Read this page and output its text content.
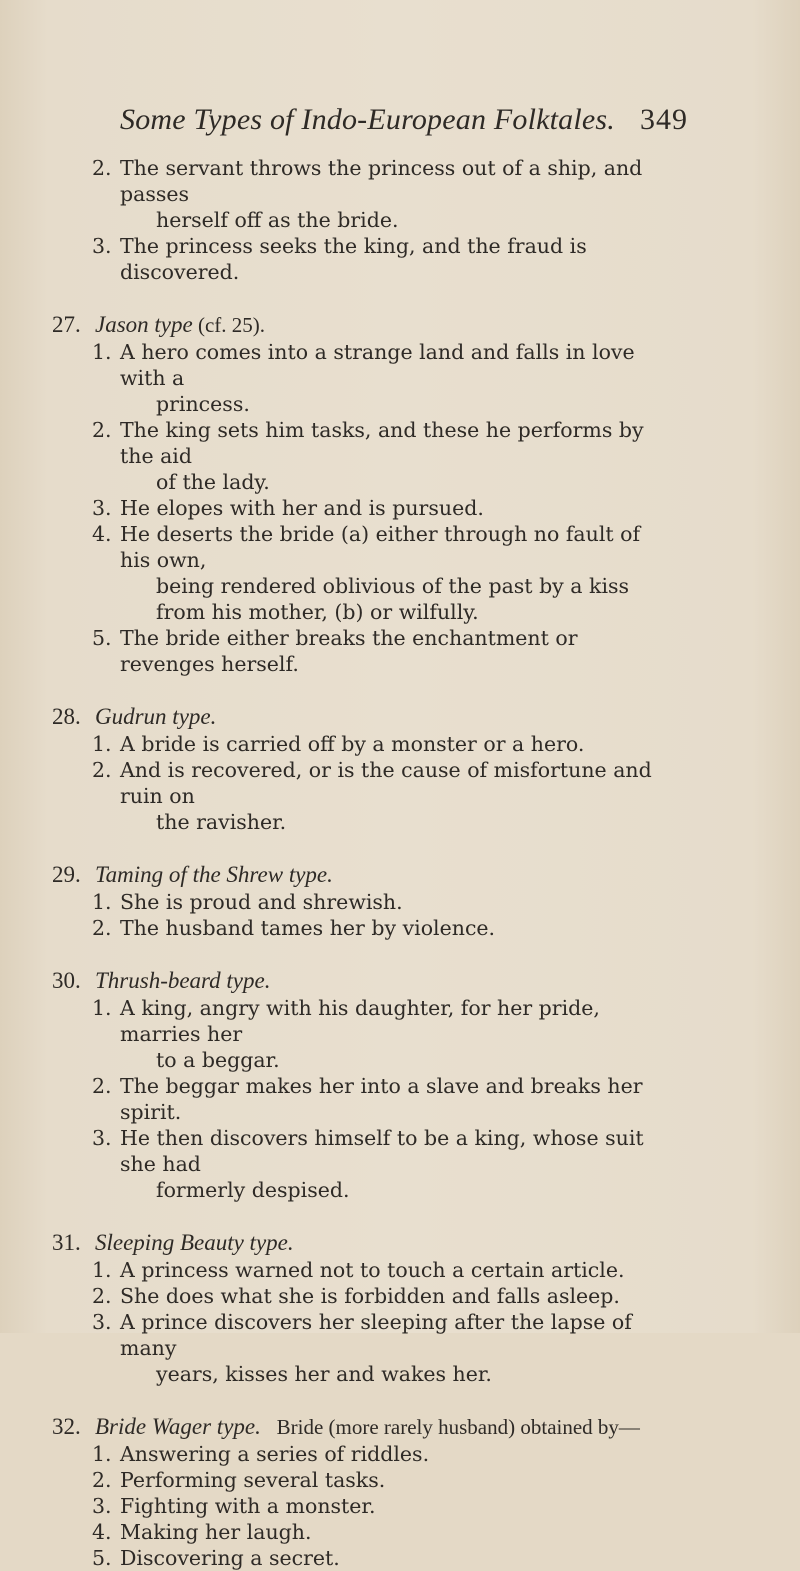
Some Types of Indo-European Folktales. 349
2. The servant throws the princess out of a ship, and passes
herself off as the bride.
3. The princess seeks the king, and the fraud is discovered.
27. Jason type (cf. 25).
1. A hero comes into a strange land and falls in love with a
princess.
2. The king sets him tasks, and these he performs by the aid
of the lady.
3. He elopes with her and is pursued.
4. He deserts the bride (a) either through no fault of his own,
being rendered oblivious of the past by a kiss from his mother, (b) or wilfully.
5. The bride either breaks the enchantment or revenges herself.
28. Gudrun type.
1. A bride is carried off by a monster or a hero.
2. And is recovered, or is the cause of misfortune and ruin on
the ravisher.
29. Taming of the Shrew type.
1. She is proud and shrewish.
2. The husband tames her by violence.
30. Thrush-beard type.
1. A king, angry with his daughter, for her pride, marries her
to a beggar.
2. The beggar makes her into a slave and breaks her spirit.
3. He then discovers himself to be a king, whose suit she had
formerly despised.
31. Sleeping Beauty type.
1. A princess warned not to touch a certain article.
2. She does what she is forbidden and falls asleep.
3. A prince discovers her sleeping after the lapse of many
years, kisses her and wakes her.
32. Bride Wager type.   Bride (more rarely husband) obtained by—
1. Answering a series of riddles.
2. Performing several tasks.
3. Fighting with a monster.
4. Making her laugh.
5. Discovering a secret.
